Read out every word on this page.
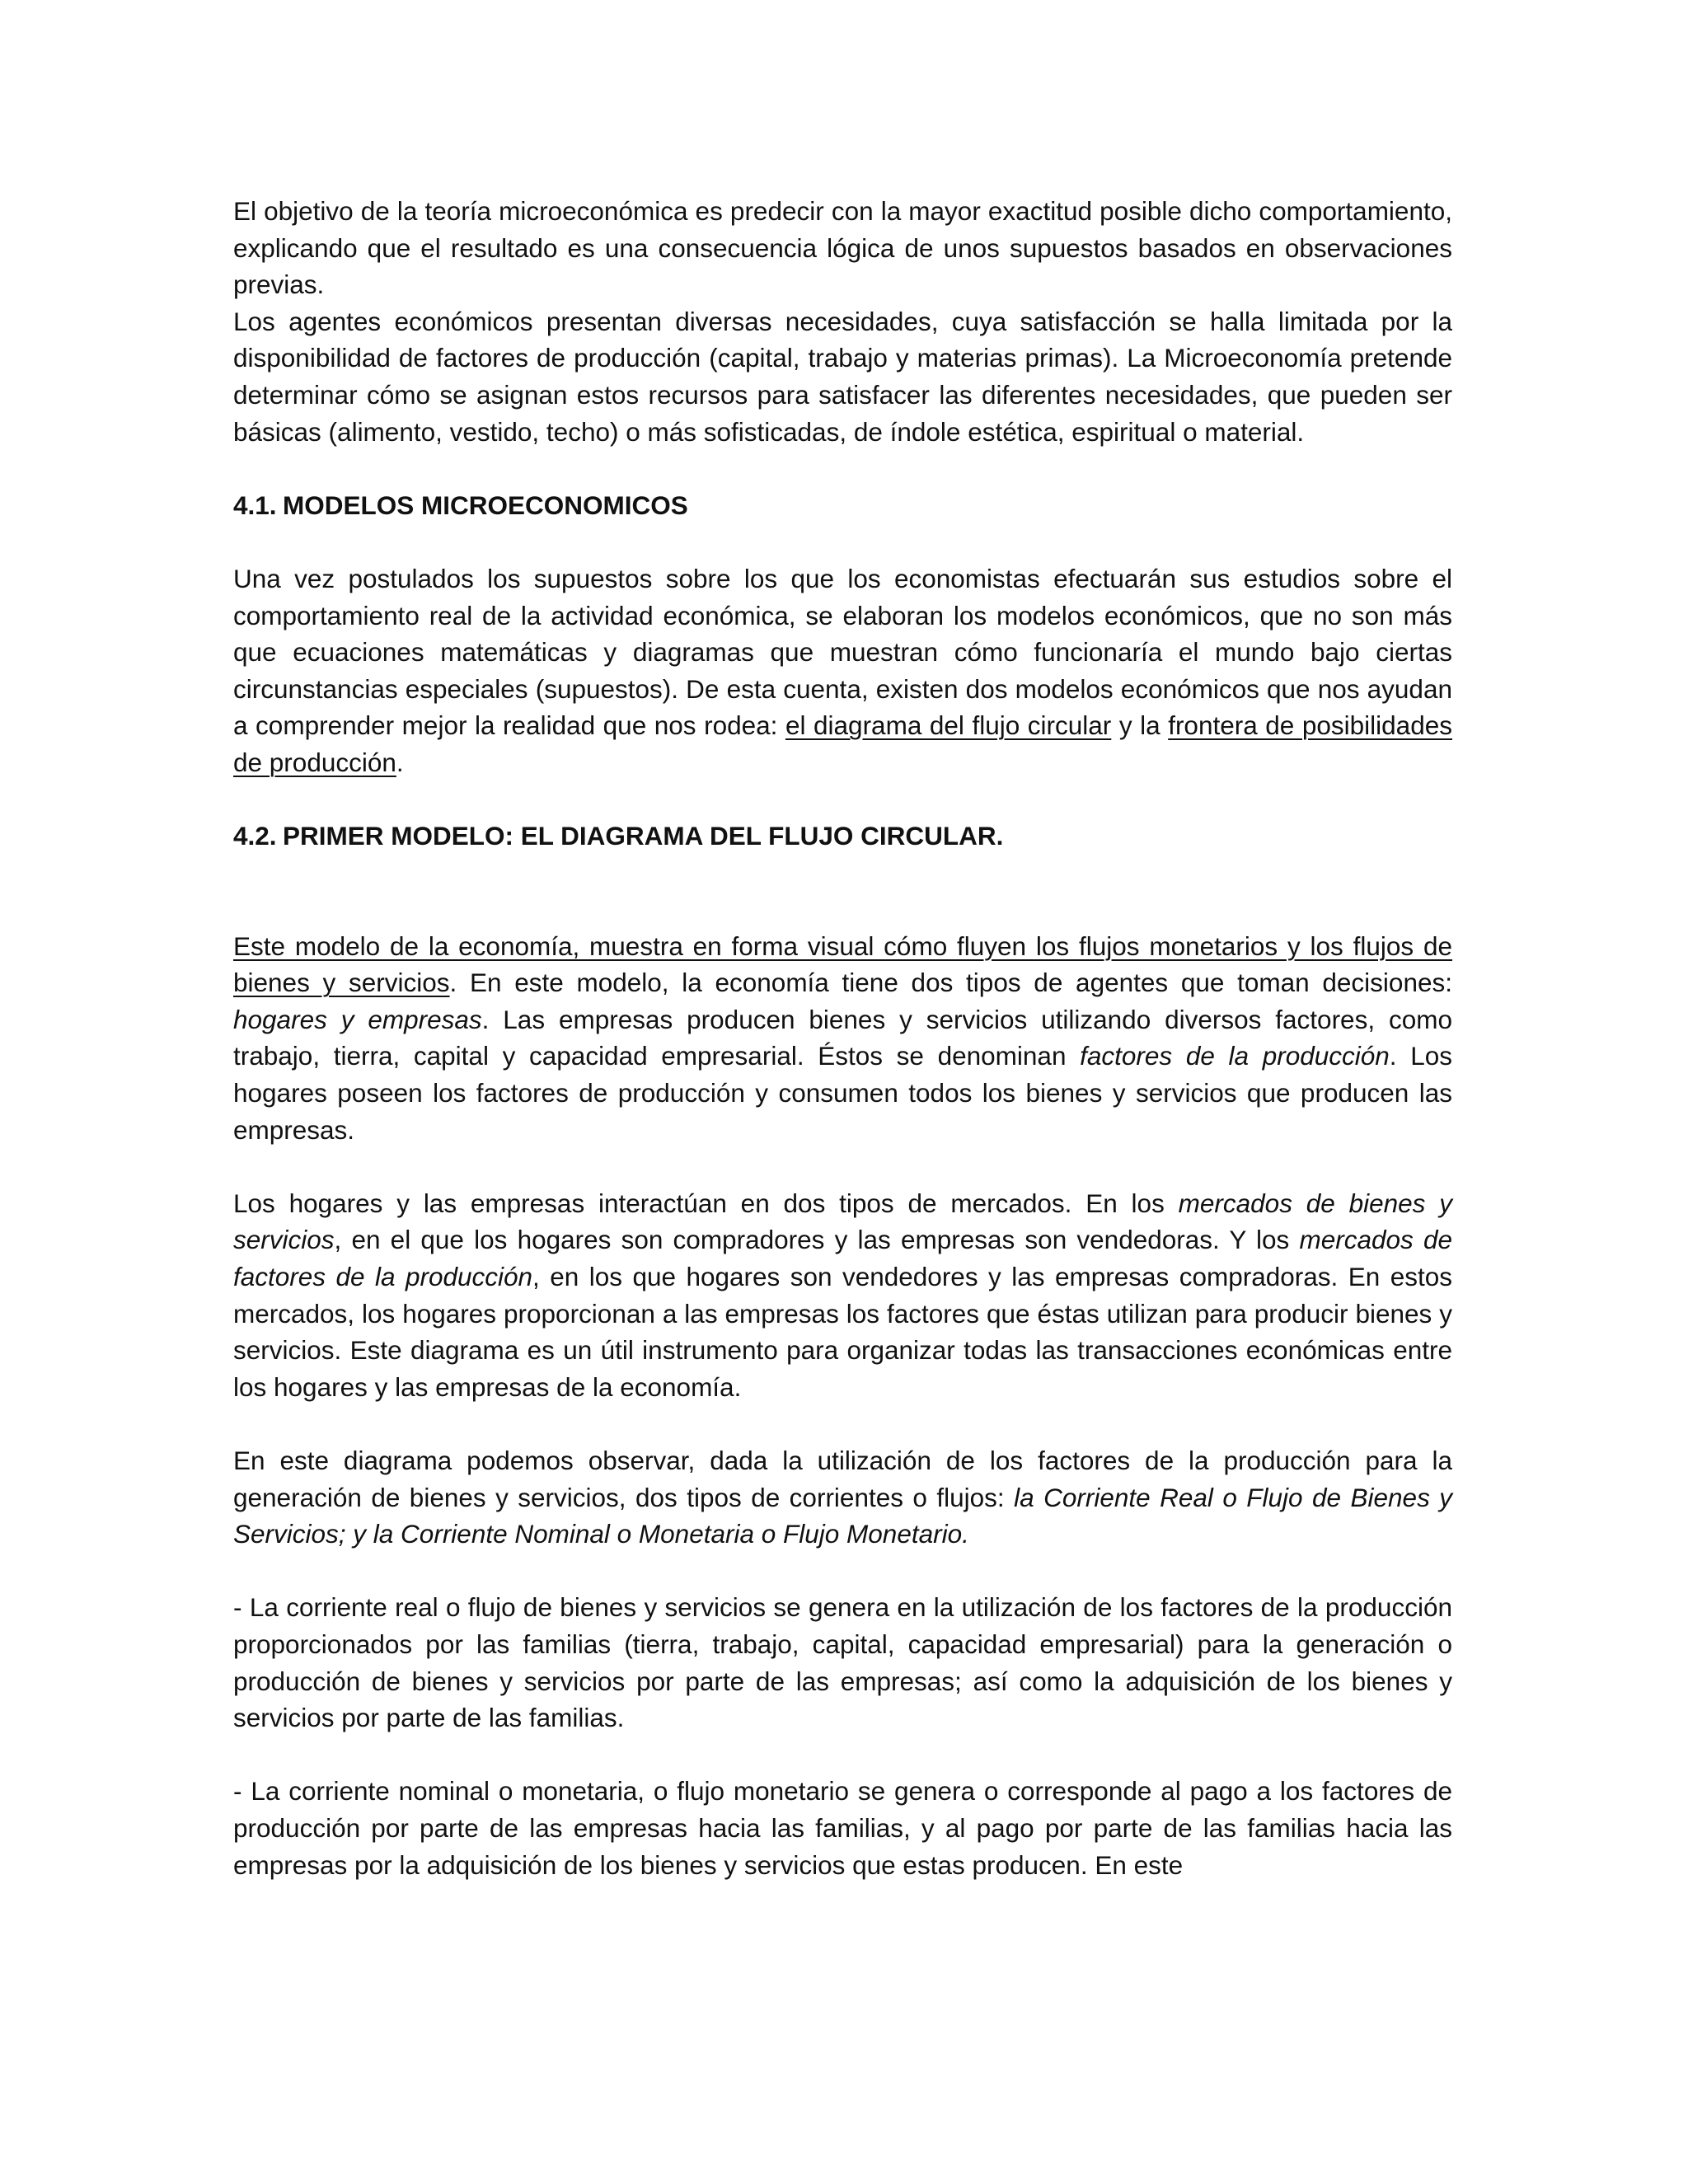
El objetivo de la teoría microeconómica es predecir con la mayor exactitud posible dicho comportamiento, explicando que el resultado es una consecuencia lógica de unos supuestos basados en observaciones previas.

Los agentes económicos presentan diversas necesidades, cuya satisfacción se halla limitada por la disponibilidad de factores de producción (capital, trabajo y materias primas). La Microeconomía pretende determinar cómo se asignan estos recursos para satisfacer las diferentes necesidades, que pueden ser básicas (alimento, vestido, techo) o más sofisticadas, de índole estética, espiritual o material.

4.1. MODELOS MICROECONOMICOS

Una vez postulados los supuestos sobre los que los economistas efectuarán sus estudios sobre el comportamiento real de la actividad económica, se elaboran los modelos económicos, que no son más que ecuaciones matemáticas y diagramas que muestran cómo funcionaría el mundo bajo ciertas circunstancias especiales (supuestos). De esta cuenta, existen dos modelos económicos que nos ayudan a comprender mejor la realidad que nos rodea: el diagrama del flujo circular y la frontera de posibilidades de producción.

4.2. PRIMER MODELO: EL DIAGRAMA DEL FLUJO CIRCULAR.

Este modelo de la economía, muestra en forma visual cómo fluyen los flujos monetarios y los flujos de bienes y servicios. En este modelo, la economía tiene dos tipos de agentes que toman decisiones: hogares y empresas. Las empresas producen bienes y servicios utilizando diversos factores, como trabajo, tierra, capital y capacidad empresarial. Éstos se denominan factores de la producción. Los hogares poseen los factores de producción y consumen todos los bienes y servicios que producen las empresas.

Los hogares y las empresas interactúan en dos tipos de mercados. En los mercados de bienes y servicios, en el que los hogares son compradores y las empresas son vendedoras. Y los mercados de factores de la producción, en los que hogares son vendedores y las empresas compradoras. En estos mercados, los hogares proporcionan a las empresas los factores que éstas utilizan para producir bienes y servicios. Este diagrama es un útil instrumento para organizar todas las transacciones económicas entre los hogares y las empresas de la economía.

En este diagrama podemos observar, dada la utilización de los factores de la producción para la generación de bienes y servicios, dos tipos de corrientes o flujos: la Corriente Real o Flujo de Bienes y Servicios; y la Corriente Nominal o Monetaria o Flujo Monetario.

- La corriente real o flujo de bienes y servicios se genera en la utilización de los factores de la producción proporcionados por las familias (tierra, trabajo, capital, capacidad empresarial) para la generación o producción de bienes y servicios por parte de las empresas; así como la adquisición de los bienes y servicios por parte de las familias.

- La corriente nominal o monetaria, o flujo monetario se genera o corresponde al pago a los factores de producción por parte de las empresas hacia las familias, y al pago por parte de las familias hacia las empresas por la adquisición de los bienes y servicios que estas producen. En este
